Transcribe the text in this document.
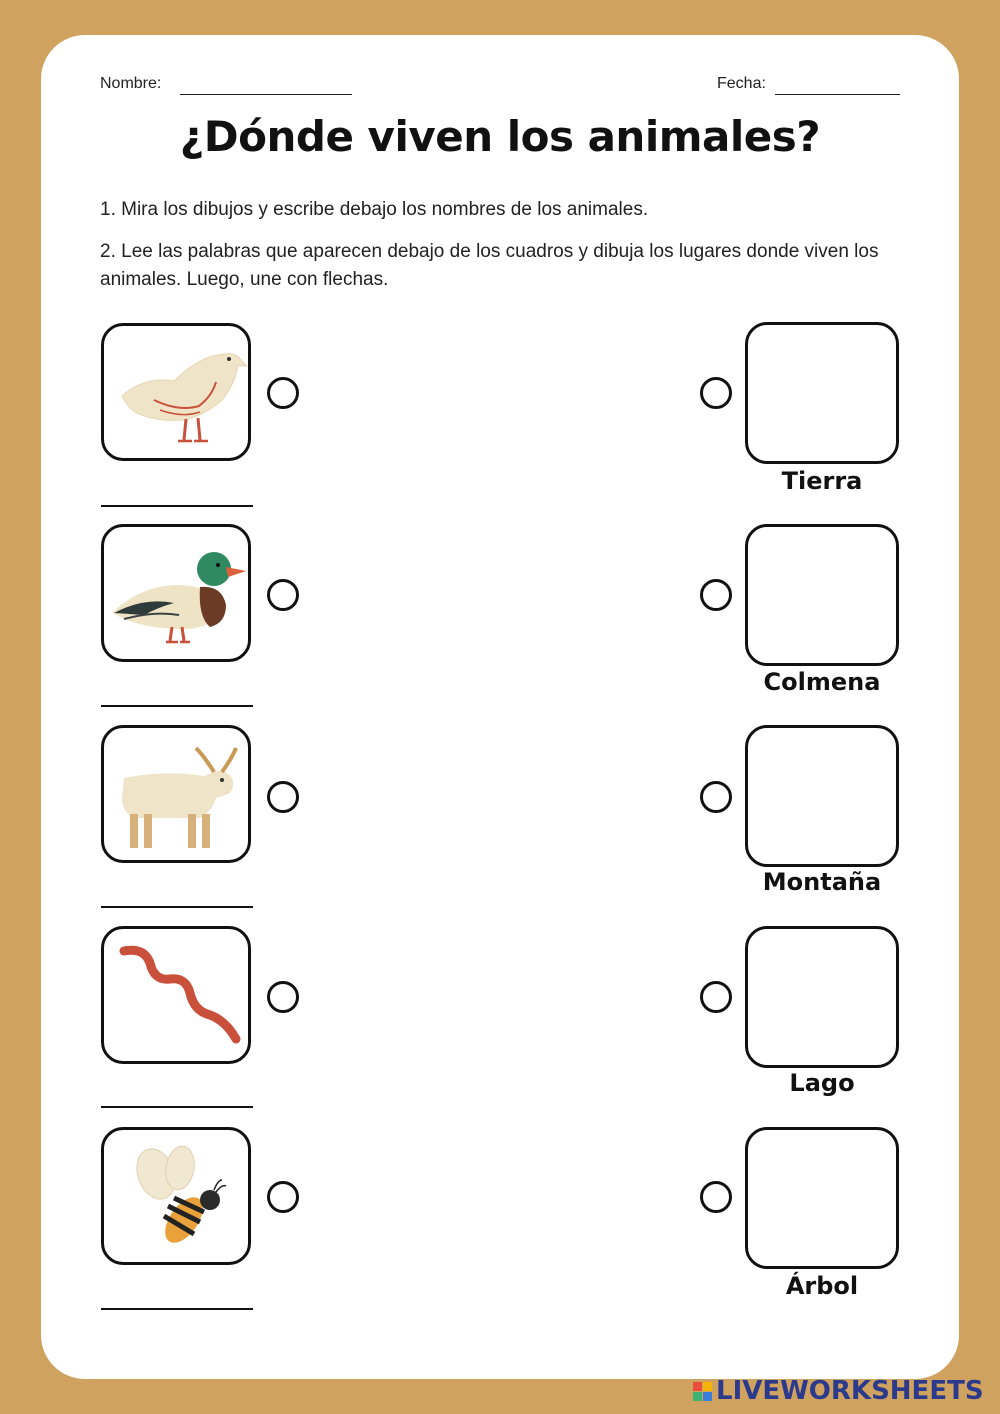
Nombre:	Fecha:
¿Dónde viven los animales?
1. Mira los dibujos y escribe debajo los nombres de los animales.
2. Lee las palabras que aparecen debajo de los cuadros y dibuja los lugares donde viven los animales. Luego, une con flechas.
Tierra
Colmena
Montaña
Lago
Árbol
LIVEWORKSHEETS
